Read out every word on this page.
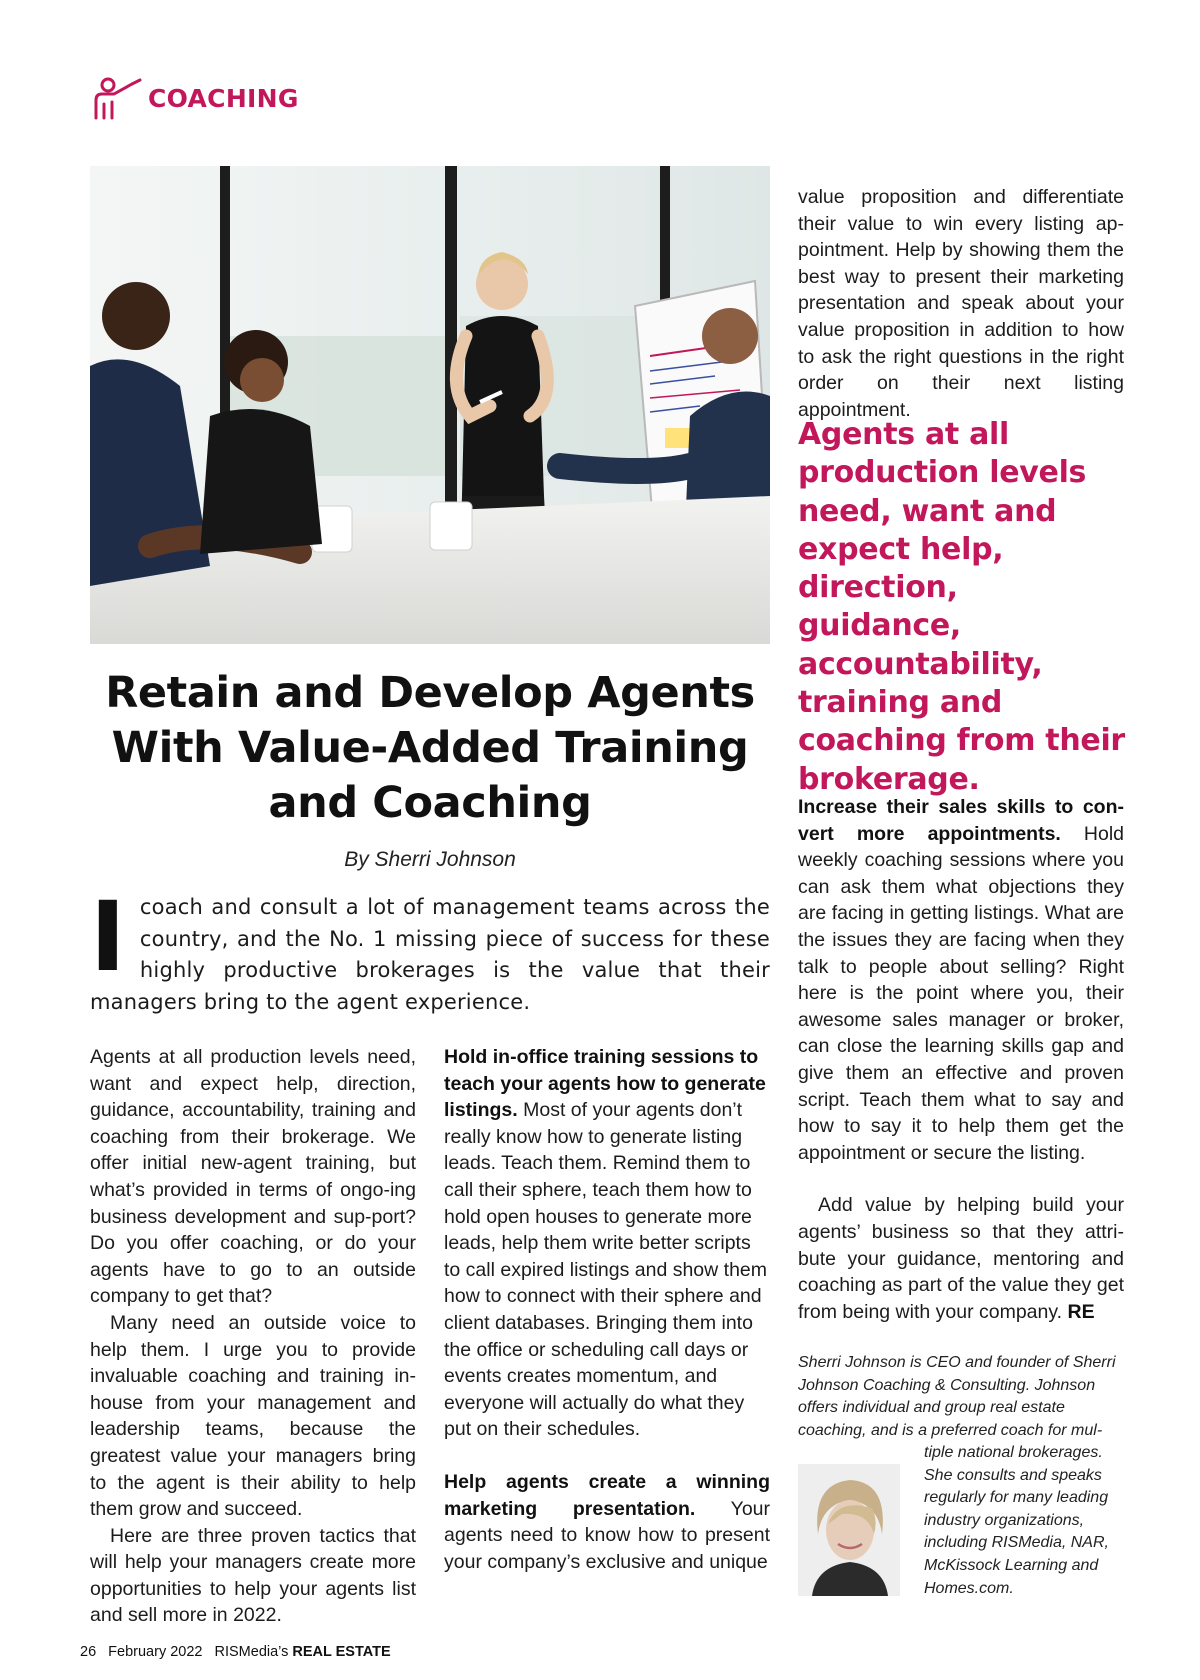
COACHING
Retain and Develop Agents With Value-Added Training and Coaching
By Sherri Johnson

Icoach and consult a lot of management teams across the country, and the No. 1 missing piece of success for these highly productive brokerages is the value that their managers bring to the agent experience.

Agents at all production levels need, want and expect help, direction, guidance, accountability, training and coaching from their brokerage. We offer initial new-agent training, but what’s provided in terms of ongo-ing business development and sup-port? Do you offer coaching, or do your agents have to go to an outside company to get that?

Many need an outside voice to help them. I urge you to provide invaluable coaching and training in-house from your management and leadership teams, because the greatest value your managers bring to the agent is their ability to help them grow and succeed.

Here are three proven tactics that will help your managers create more opportunities to help your agents list and sell more in 2022.

Hold in-office training sessions to teach your agents how to generate listings. Most of your agents don’t really know how to generate listing leads. Teach them. Remind them to call their sphere, teach them how to hold open houses to generate more leads, help them write better scripts to call expired listings and show them how to connect with their sphere and client databases. Bringing them into the office or scheduling call days or events creates momentum, and everyone will actually do what they put on their schedules.

Help agents create a winning marketing presentation. Your agents need to know how to present your company’s exclusive and unique

value proposition and differentiate their value to win every listing ap-pointment. Help by showing them the best way to present their marketing presentation and speak about your value proposition in addition to how to ask the right questions in the right order on their next listing appointment.

Agents at all production levels need, want and expect help, direction, guidance, accountability, training and coaching from their brokerage.

Increase their sales skills to con-vert more appointments. Hold weekly coaching sessions where you can ask them what objections they are facing in getting listings. What are the issues they are facing when they talk to people about selling? Right here is the point where you, their awesome sales manager or broker, can close the learning skills gap and give them an effective and proven script. Teach them what to say and how to say it to help them get the appointment or secure the listing.

Add value by helping build your agents’ business so that they attri-bute your guidance, mentoring and coaching as part of the value they get from being with your company. RE

Sherri Johnson is CEO and founder of Sherri Johnson Coaching & Consulting. Johnson offers individual and group real estate coaching, and is a preferred coach for mul-

tiple national brokerages. She consults and speaks regularly for many leading industry organizations, including RISMedia, NAR, McKissock Learning and Homes.com.

26 February 2022 RISMedia’s REAL ESTATE
